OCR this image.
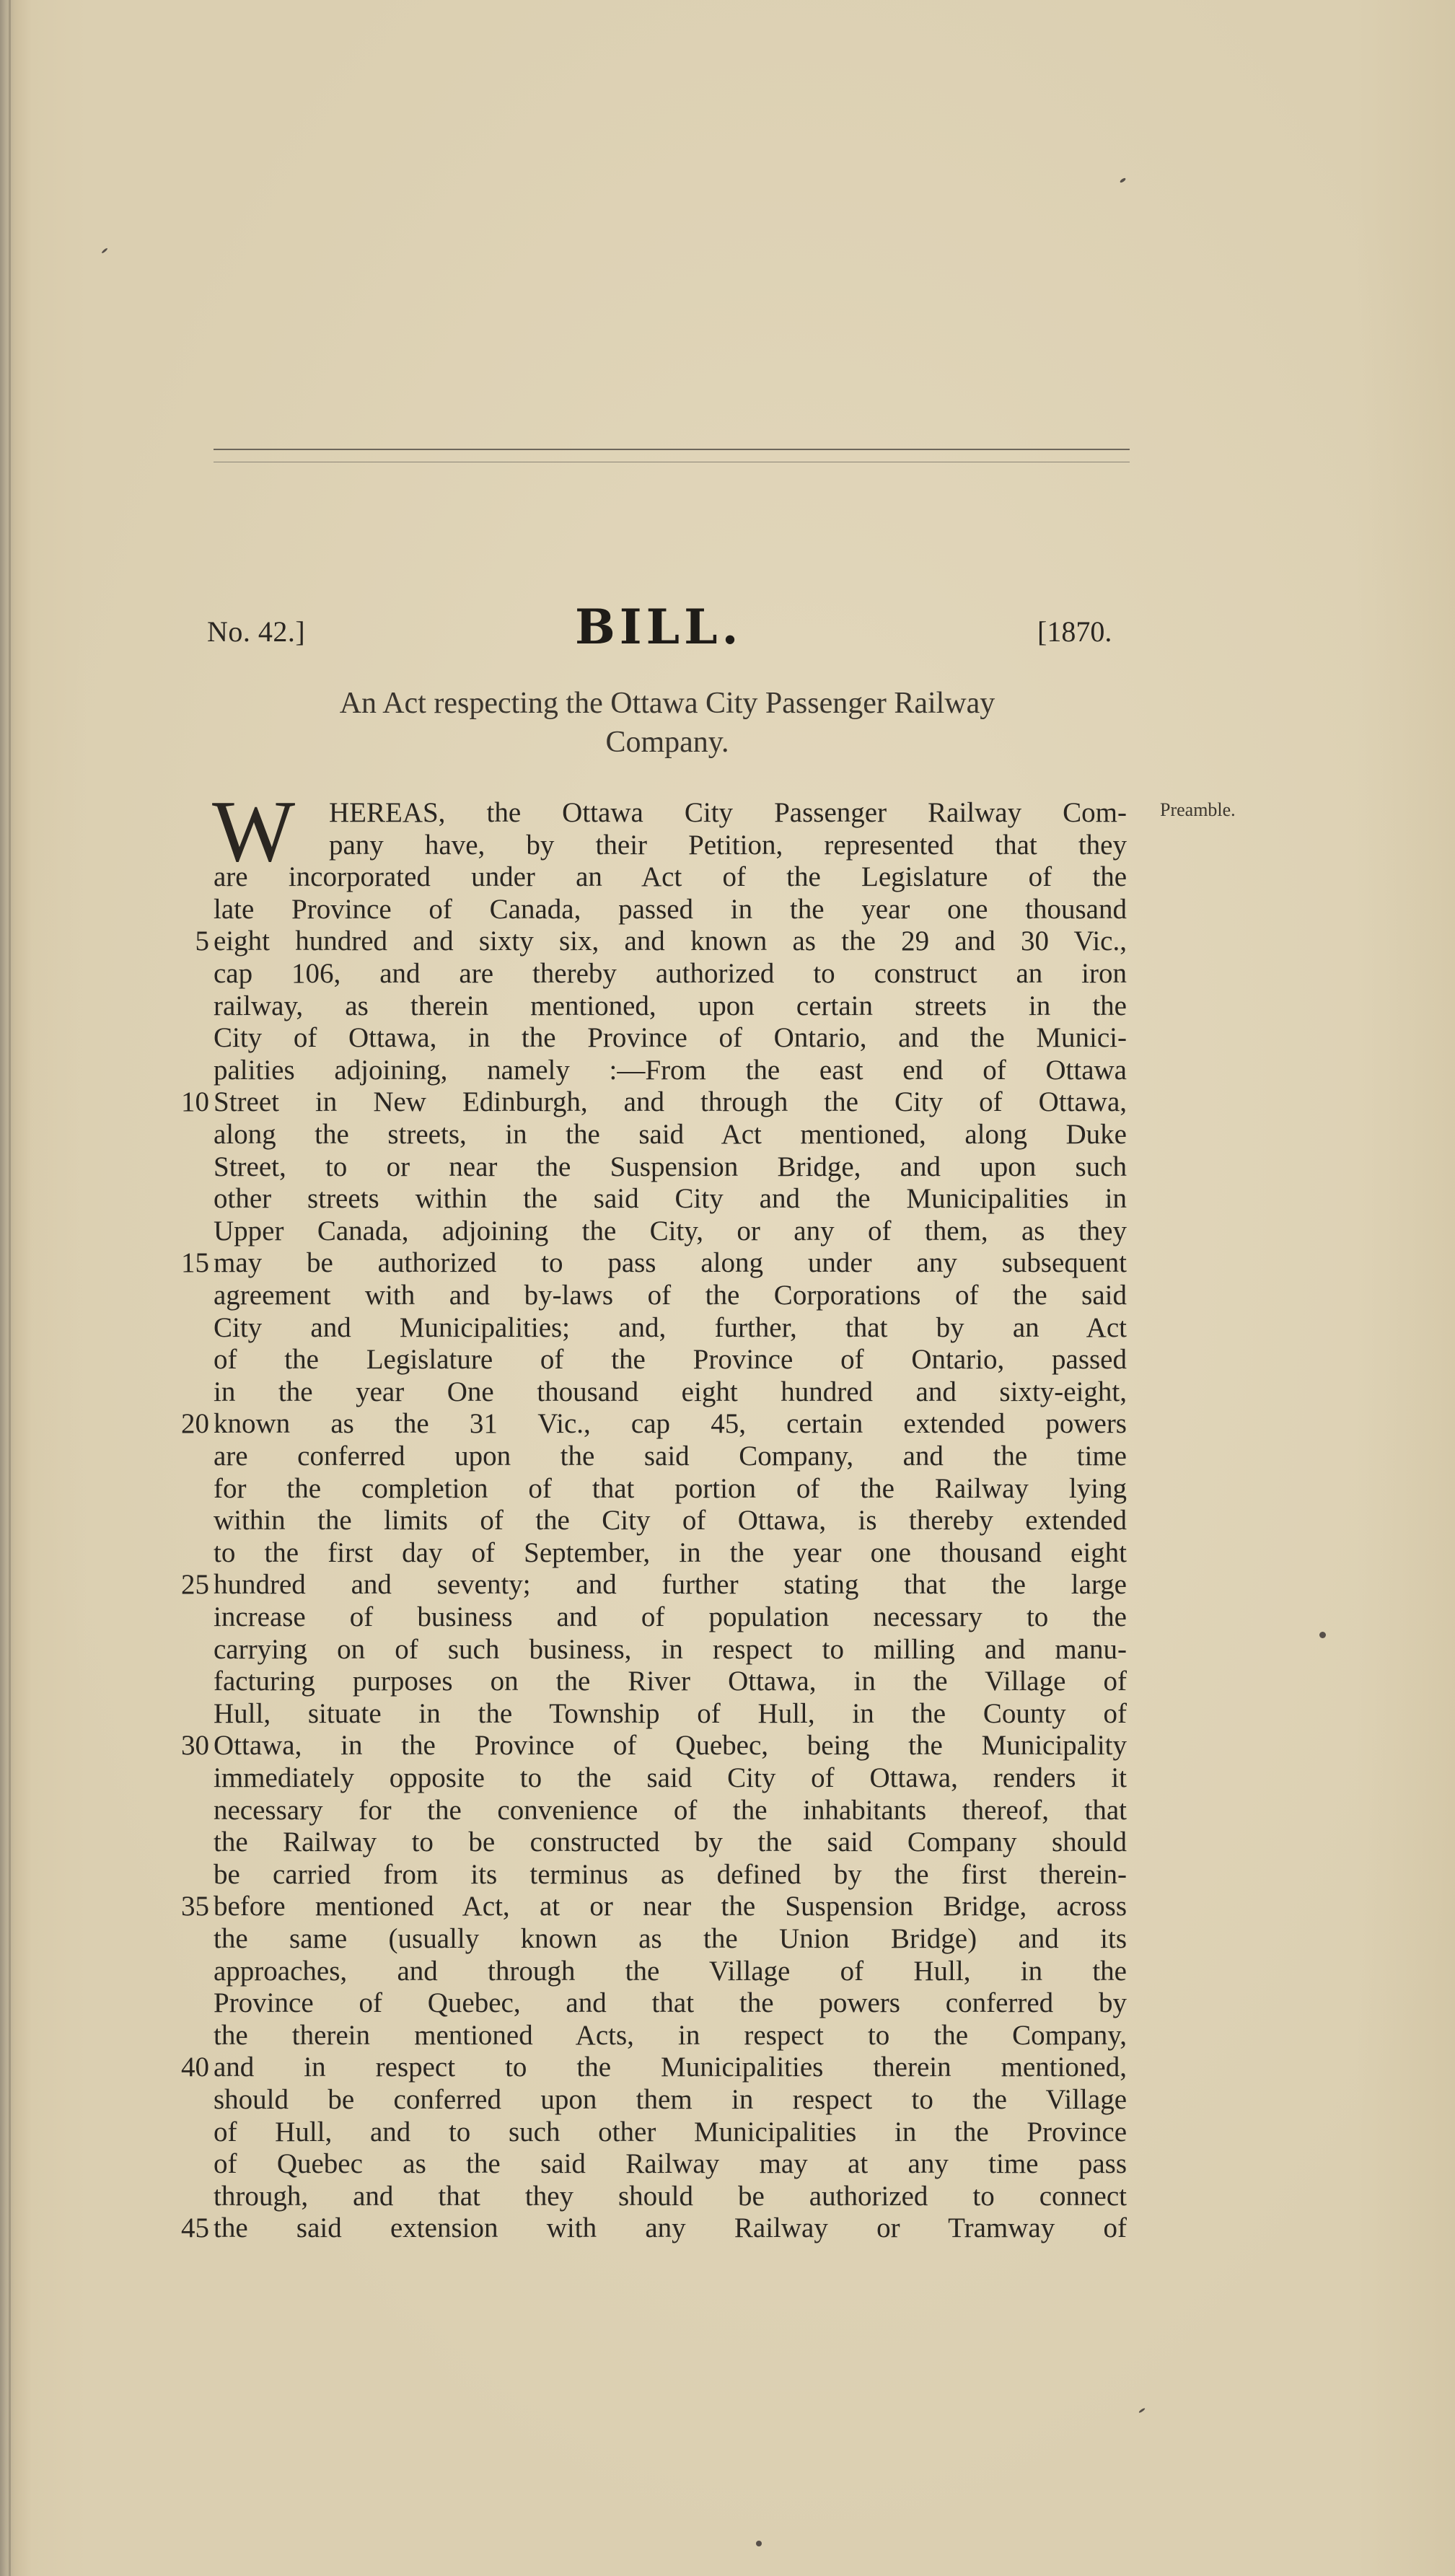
No. 42.]	BILL.	[1870.
An Act respecting the Ottawa City Passenger Railway
Company.
W	Preamble.
HEREAS, the Ottawa City Passenger Railway Com-
pany have, by their Petition, represented that they
are incorporated under an Act of the Legislature of the
late Province of Canada, passed in the year one thousand
eight hundred and sixty six, and known as the 29 and 30 Vic.,
5
cap 106, and are thereby authorized to construct an iron
railway, as therein mentioned, upon certain streets in the
City of Ottawa, in the Province of Ontario, and the Munici-
palities adjoining, namely :—From the east end of Ottawa
Street in New Edinburgh, and through the City of Ottawa,
10
along the streets, in the said Act mentioned, along Duke
Street, to or near the Suspension Bridge, and upon such
other streets within the said City and the Municipalities in
Upper Canada, adjoining the City, or any of them, as they
may be authorized to pass along under any subsequent
15
agreement with and by-laws of the Corporations of the said
City and Municipalities; and, further, that by an Act
of the Legislature of the Province of Ontario, passed
in the year One thousand eight hundred and sixty-eight,
known as the 31 Vic., cap 45, certain extended powers
20
are conferred upon the said Company, and the time
for the completion of that portion of the Railway lying
within the limits of the City of Ottawa, is thereby extended
to the first day of September, in the year one thousand eight
hundred and seventy; and further stating that the large
25
increase of business and of population necessary to the
carrying on of such business, in respect to milling and manu-
facturing purposes on the River Ottawa, in the Village of
Hull, situate in the Township of Hull, in the County of
Ottawa, in the Province of Quebec, being the Municipality
30
immediately opposite to the said City of Ottawa, renders it
necessary for the convenience of the inhabitants thereof, that
the Railway to be constructed by the said Company should
be carried from its terminus as defined by the first therein-
before mentioned Act, at or near the Suspension Bridge, across
35
the same (usually known as the Union Bridge) and its
approaches, and through the Village of Hull, in the
Province of Quebec, and that the powers conferred by
the therein mentioned Acts, in respect to the Company,
and in respect to the Municipalities therein mentioned,
40
should be conferred upon them in respect to the Village
of Hull, and to such other Municipalities in the Province
of Quebec as the said Railway may at any time pass
through, and that they should be authorized to connect
the said extension with any Railway or Tramway of
45
